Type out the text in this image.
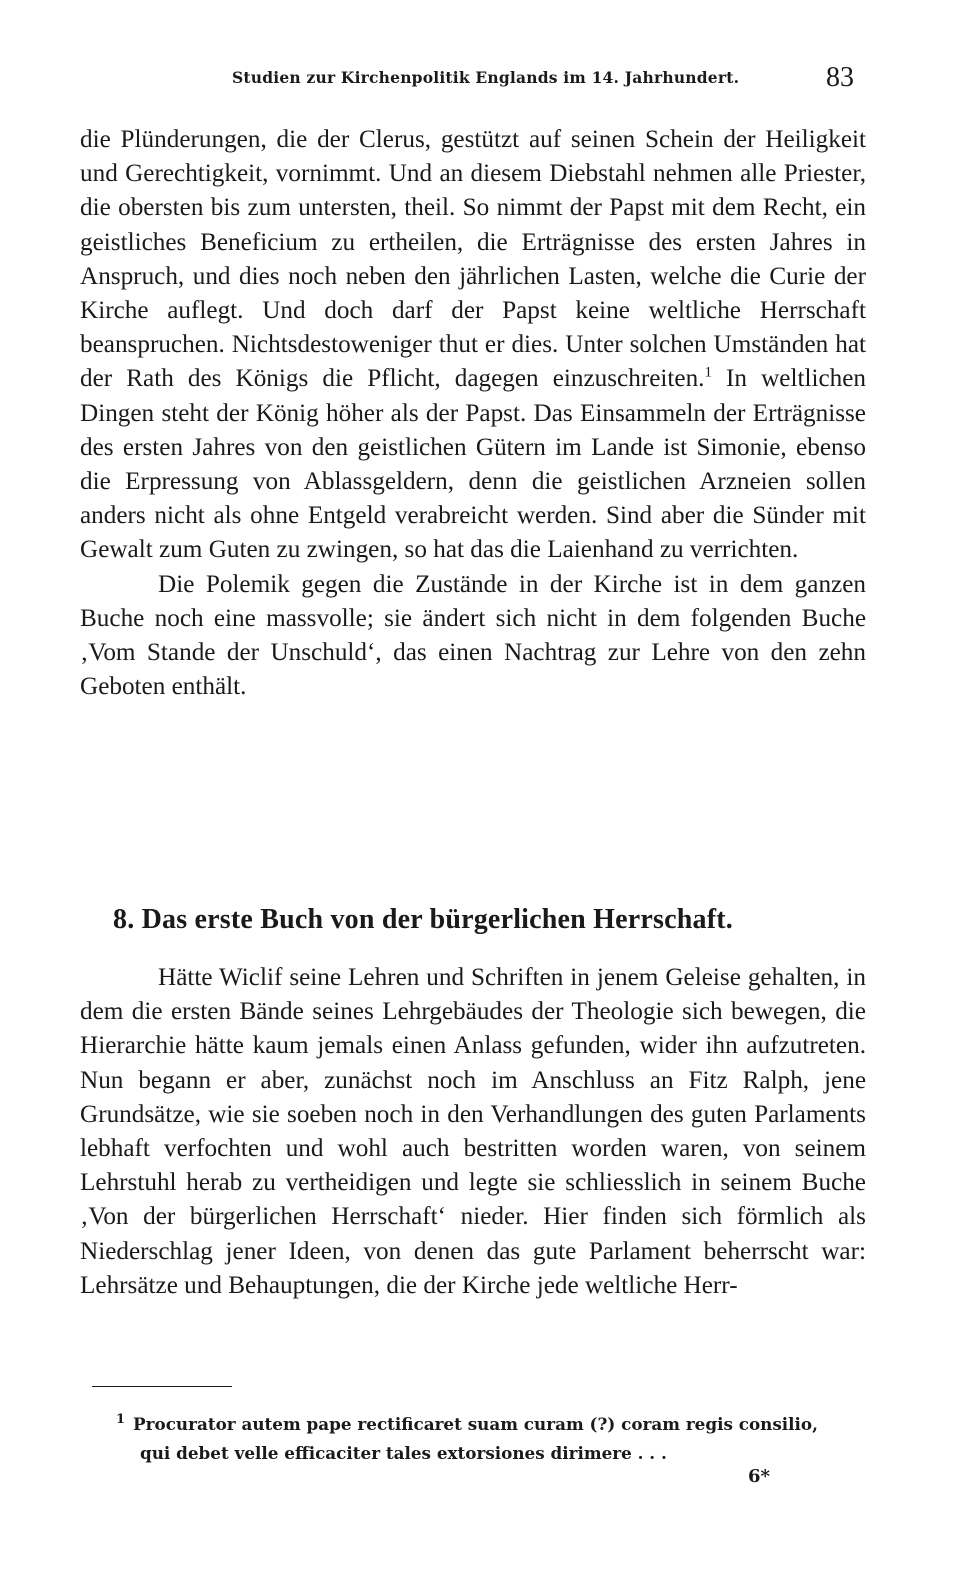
Studien zur Kirchenpolitik Englands im 14. Jahrhundert.	83

die Plünderungen, die der Clerus, gestützt auf seinen Schein der Heiligkeit und Gerechtigkeit, vornimmt. Und an diesem Diebstahl nehmen alle Priester, die obersten bis zum untersten, theil. So nimmt der Papst mit dem Recht, ein geistliches Beneficium zu ertheilen, die Erträgnisse des ersten Jahres in Anspruch, und dies noch neben den jährlichen Lasten, welche die Curie der Kirche auflegt. Und doch darf der Papst keine weltliche Herrschaft beanspruchen. Nichtsdestoweniger thut er dies. Unter solchen Umständen hat der Rath des Königs die Pflicht, dagegen einzuschreiten.$^1$ In weltlichen Dingen steht der König höher als der Papst. Das Einsammeln der Erträgnisse des ersten Jahres von den geistlichen Gütern im Lande ist Simonie, ebenso die Erpressung von Ablassgeldern, denn die geistlichen Arzneien sollen anders nicht als ohne Entgeld verabreicht werden. Sind aber die Sünder mit Gewalt zum Guten zu zwingen, so hat das die Laienhand zu verrichten.

Die Polemik gegen die Zustände in der Kirche ist in dem ganzen Buche noch eine massvolle; sie ändert sich nicht in dem folgenden Buche ‚Vom Stande der Unschuld‘, das einen Nachtrag zur Lehre von den zehn Geboten enthält.

8. Das erste Buch von der bürgerlichen Herrschaft.

Hätte Wiclif seine Lehren und Schriften in jenem Geleise gehalten, in dem die ersten Bände seines Lehrgebäudes der Theologie sich bewegen, die Hierarchie hätte kaum jemals einen Anlass gefunden, wider ihn aufzutreten. Nun begann er aber, zunächst noch im Anschluss an Fitz Ralph, jene Grundsätze, wie sie soeben noch in den Verhandlungen des guten Parlaments lebhaft verfochten und wohl auch bestritten worden waren, von seinem Lehrstuhl herab zu vertheidigen und legte sie schliesslich in seinem Buche ‚Von der bürgerlichen Herrschaft‘ nieder. Hier finden sich förmlich als Niederschlag jener Ideen, von denen das gute Parlament beherrscht war: Lehrsätze und Behauptungen, die der Kirche jede weltliche Herr-

$^1$ Procurator autem pape rectificaret suam curam (?) coram regis consilio,
qui debet velle efficaciter tales extorsiones dirimere . . .
6*
